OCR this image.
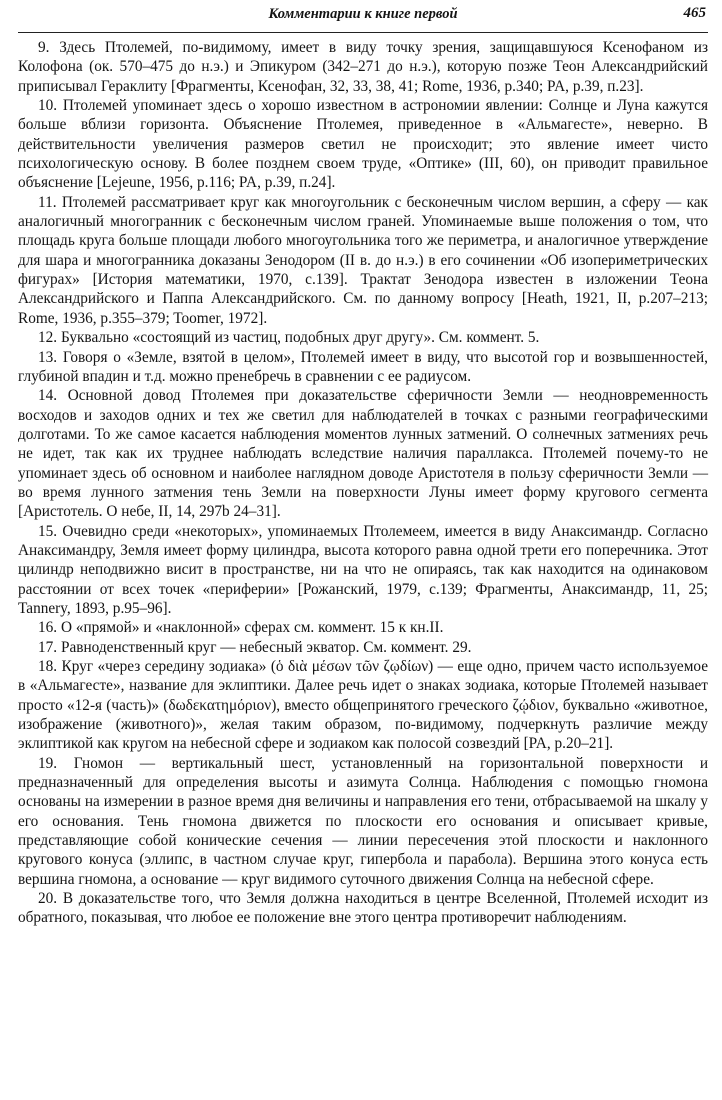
Комментарии к книге первой	465

9. Здесь Птолемей, по-видимому, имеет в виду точку зрения, защищавшуюся Ксенофаном из Колофона (ок. 570–475 до н.э.) и Эпикуром (342–271 до н.э.), которую позже Теон Александрийский приписывал Гераклиту [Фрагменты, Ксенофан, 32, 33, 38, 41; Rome, 1936, p.340; PA, p.39, п.23].

10. Птолемей упоминает здесь о хорошо известном в астрономии явлении: Солнце и Луна кажутся больше вблизи горизонта. Объяснение Птолемея, приведенное в «Альмагесте», неверно. В действительности увеличения размеров светил не происходит; это явление имеет чисто психологическую основу. В более позднем своем труде, «Оптике» (III, 60), он приводит правильное объяснение [Lejeune, 1956, p.116; PA, p.39, п.24].

11. Птолемей рассматривает круг как многоугольник с бесконечным числом вершин, а сферу — как аналогичный многогранник с бесконечным числом граней. Упоминаемые выше положения о том, что площадь круга больше площади любого многоугольника того же периметра, и аналогичное утверждение для шара и многогранника доказаны Зенодором (II в. до н.э.) в его сочинении «Об изопериметрических фигурах» [История математики, 1970, с.139]. Трактат Зенодора известен в изложении Теона Александрийского и Паппа Александрийского. См. по данному вопросу [Heath, 1921, II, p.207–213; Rome, 1936, p.355–379; Toomer, 1972].

12. Буквально «состоящий из частиц, подобных друг другу». См. коммент. 5.

13. Говоря о «Земле, взятой в целом», Птолемей имеет в виду, что высотой гор и возвышенностей, глубиной впадин и т.д. можно пренебречь в сравнении с ее радиусом.

14. Основной довод Птолемея при доказательстве сферичности Земли — неодновременность восходов и заходов одних и тех же светил для наблюдателей в точках с разными географическими долготами. То же самое касается наблюдения моментов лунных затмений. О солнечных затмениях речь не идет, так как их труднее наблюдать вследствие наличия параллакса. Птолемей почему-то не упоминает здесь об основном и наиболее наглядном доводе Аристотеля в пользу сферичности Земли — во время лунного затмения тень Земли на поверхности Луны имеет форму кругового сегмента [Аристотель. О небе, II, 14, 297b 24–31].

15. Очевидно среди «некоторых», упоминаемых Птолемеем, имеется в виду Анаксимандр. Согласно Анаксимандру, Земля имеет форму цилиндра, высота которого равна одной трети его поперечника. Этот цилиндр неподвижно висит в пространстве, ни на что не опираясь, так как находится на одинаковом расстоянии от всех точек «периферии» [Рожанский, 1979, с.139; Фрагменты, Анаксимандр, 11, 25; Tannery, 1893, p.95–96].

16. О «прямой» и «наклонной» сферах см. коммент. 15 к кн.II.

17. Равноденственный круг — небесный экватор. См. коммент. 29.

18. Круг «через середину зодиака» (ὁ διὰ μέσων τῶν ζῳδίων) — еще одно, причем часто используемое в «Альмагесте», название для эклиптики. Далее речь идет о знаках зодиака, которые Птолемей называет просто «12-я (часть)» (δωδεκατημόριον), вместо общепринятого греческого ζῴδιον, буквально «животное, изображение (животного)», желая таким образом, по-видимому, подчеркнуть различие между эклиптикой как кругом на небесной сфере и зодиаком как полосой созвездий [PA, p.20–21].

19. Гномон — вертикальный шест, установленный на горизонтальной поверхности и предназначенный для определения высоты и азимута Солнца. Наблюдения с помощью гномона основаны на измерении в разное время дня величины и направления его тени, отбрасываемой на шкалу у его основания. Тень гномона движется по плоскости его основания и описывает кривые, представляющие собой конические сечения — линии пересечения этой плоскости и наклонного кругового конуса (эллипс, в частном случае круг, гипербола и парабола). Вершина этого конуса есть вершина гномона, а основание — круг видимого суточного движения Солнца на небесной сфере.

20. В доказательстве того, что Земля должна находиться в центре Вселенной, Птолемей исходит из обратного, показывая, что любое ее положение вне этого центра противоречит наблюдениям.
